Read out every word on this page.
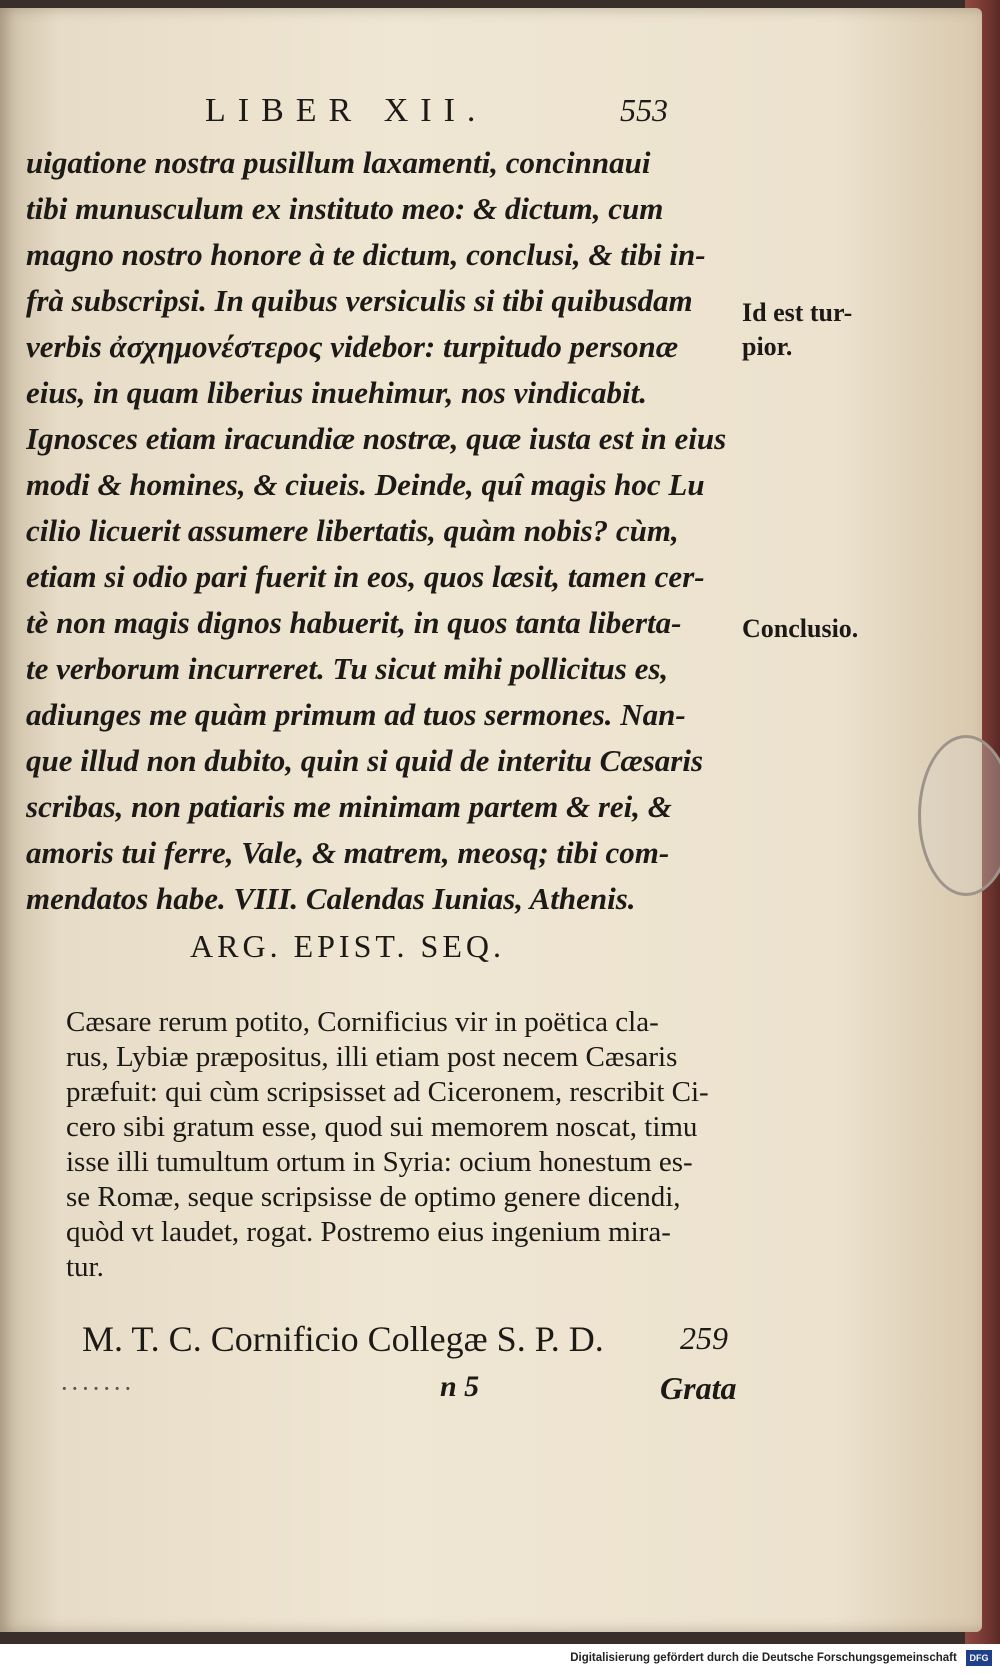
LIBER XII.	553
uigatione nostra pusillum laxamenti, concinnaui
tibi munusculum ex instituto meo: & dictum, cum
magno nostro honore à te dictum, conclusi, & tibi in-
frà subscripsi. In quibus versiculis si tibi quibusdam
verbis ἀσχημονέστερος videbor: turpitudo personæ
eius, in quam liberius inuehimur, nos vindicabit.
Ignosces etiam iracundiæ nostræ, quæ iusta est in eius
modi & homines, & ciueis. Deinde, quî magis hoc Lu
cilio licuerit assumere libertatis, quàm nobis? cùm,
etiam si odio pari fuerit in eos, quos læsit, tamen cer-
tè non magis dignos habuerit, in quos tanta liberta-
te verborum incurreret. Tu sicut mihi pollicitus es,
adiunges me quàm primum ad tuos sermones. Nan-
que illud non dubito, quin si quid de interitu Cæsaris
scribas, non patiaris me minimam partem & rei, &
amoris tui ferre, Vale, & matrem, meosq; tibi com-
mendatos habe. VIII. Calendas Iunias, Athenis.
Id est tur-
pior.
Conclusio.
ARG. EPIST. SEQ.
Cæsare rerum potito, Cornificius vir in poëtica cla-
rus, Lybiæ præpositus, illi etiam post necem Cæsaris
præfuit: qui cùm scripsisset ad Ciceronem, rescribit Ci-
cero sibi gratum esse, quod sui memorem noscat, timu
isse illi tumultum ortum in Syria: ocium honestum es-
se Romæ, seque scripsisse de optimo genere dicendi,
quòd vt laudet, rogat. Postremo eius ingenium mira-
tur.
M. T. C. Cornificio Collegæ S. P. D. 259
·∙·∙·∙·	n 5	Grata
Digitalisierung gefördert durch die Deutsche Forschungsgemeinschaft	DFG
